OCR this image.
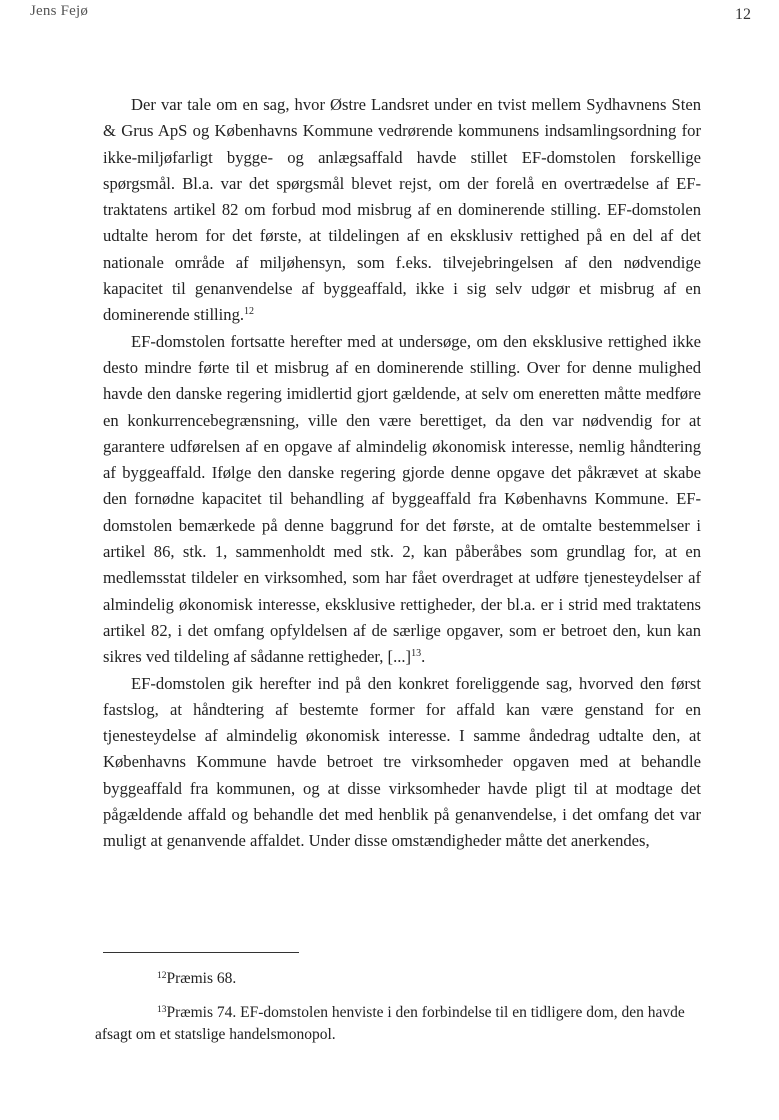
Jens Fejø	12

Der var tale om en sag, hvor Østre Landsret under en tvist mellem Sydhavnens Sten & Grus ApS og Københavns Kommune vedrørende kommunens indsamlingsordning for ikke-miljøfarligt bygge- og anlægsaffald havde stillet EF-domstolen forskellige spørgsmål. Bl.a. var det spørgsmål blevet rejst, om der forelå en overtrædelse af EF-traktatens artikel 82 om forbud mod misbrug af en dominerende stilling. EF-domstolen udtalte herom for det første, at tildelingen af en eksklusiv rettighed på en del af det nationale område af miljøhensyn, som f.eks. tilvejebringelsen af den nødvendige kapacitet til genanvendelse af byggeaffald, ikke i sig selv udgør et misbrug af en dominerende stilling.$^{12}$

EF-domstolen fortsatte herefter med at undersøge, om den eksklusive rettighed ikke desto mindre førte til et misbrug af en dominerende stilling. Over for denne mulighed havde den danske regering imidlertid gjort gældende, at selv om eneretten måtte medføre en konkurrencebegrænsning, ville den være berettiget, da den var nødvendig for at garantere udførelsen af en opgave af almindelig økonomisk interesse, nemlig håndtering af byggeaffald. Ifølge den danske regering gjorde denne opgave det påkrævet at skabe den fornødne kapacitet til behandling af byggeaffald fra Københavns Kommune. EF-domstolen bemærkede på denne baggrund for det første, at de omtalte bestemmelser i artikel 86, stk. 1, sammenholdt med stk. 2, kan påberåbes som grundlag for, at en medlemsstat tildeler en virksomhed, som har fået overdraget at udføre tjenesteydelser af almindelig økonomisk interesse, eksklusive rettigheder, der bl.a. er i strid med traktatens artikel 82, i det omfang opfyldelsen af de særlige opgaver, som er betroet den, kun kan sikres ved tildeling af sådanne rettigheder, [...]$^{13}$.

EF-domstolen gik herefter ind på den konkret foreliggende sag, hvorved den først fastslog, at håndtering af bestemte former for affald kan være genstand for en tjenesteydelse af almindelig økonomisk interesse. I samme åndedrag udtalte den, at Københavns Kommune havde betroet tre virksomheder opgaven med at behandle byggeaffald fra kommunen, og at disse virksomheder havde pligt til at modtage det pågældende affald og behandle det med henblik på genanvendelse, i det omfang det var muligt at genanvende affaldet. Under disse omstændigheder måtte det anerkendes,

$^{12}$Præmis 68.

$^{13}$Præmis 74. EF-domstolen henviste i den forbindelse til en tidligere dom, den havde afsagt om et statslige handelsmonopol.
